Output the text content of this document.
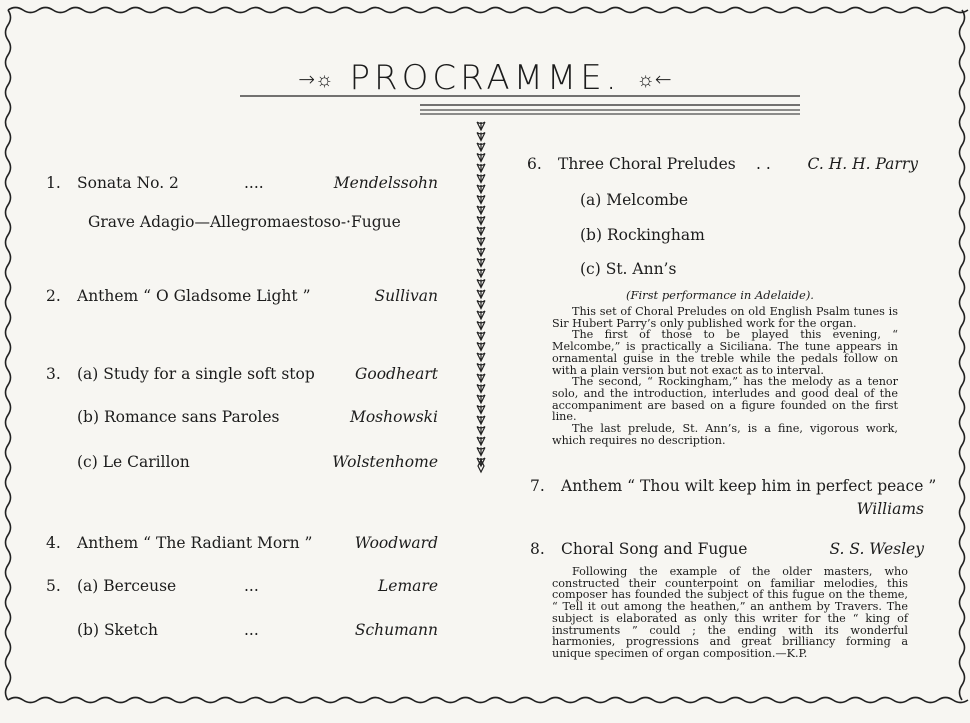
→☼ PROCRAMME. ☼←
1. Sonata No. 2	....	Mendelssohn
Grave Adagio—Allegromaestoso-·Fugue
2. Anthem “ O Gladsome Light ”	Sullivan
3. (a) Study for a single soft stop	Goodheart
(b) Romance sans Paroles	Moshowski
(c) Le Carillon	Wolstenhome
4. Anthem “ The Radiant Morn ”	Woodward
5. (a) Berceuse	...	Lemare
(b) Sketch	...	Schumann
6. Three Choral Preludes . . C. H. H. Parry
(a) Melcombe
(b) Rockingham
(c) St. Ann’s
(First performance in Adelaide).

This set of Choral Preludes on old English Psalm tunes is Sir Hubert Parry’s only published work for the organ.

The first of those to be played this evening, “ Melcombe,” is practically a Siciliana. The tune appears in ornamental guise in the treble while the pedals follow on with a plain version but not exact as to interval.

The second, “ Rockingham,” has the melody as a tenor solo, and the introduction, interludes and good deal of the accompaniment are based on a figure founded on the first line.

The last prelude, St. Ann’s, is a fine, vigorous work, which requires no description.

7. Anthem “ Thou wilt keep him in perfect peace ”
Williams
8. Choral Song and Fugue	S. S. Wesley

Following the example of the older masters, who constructed their counterpoint on familiar melodies, this composer has founded the subject of this fugue on the theme, “ Tell it out among the heathen,” an anthem by Travers. The subject is elaborated as only this writer for the “ king of instruments ” could ; the ending with its wonderful harmonies, progressions and great brilliancy forming a unique specimen of organ composition.—K.P.
